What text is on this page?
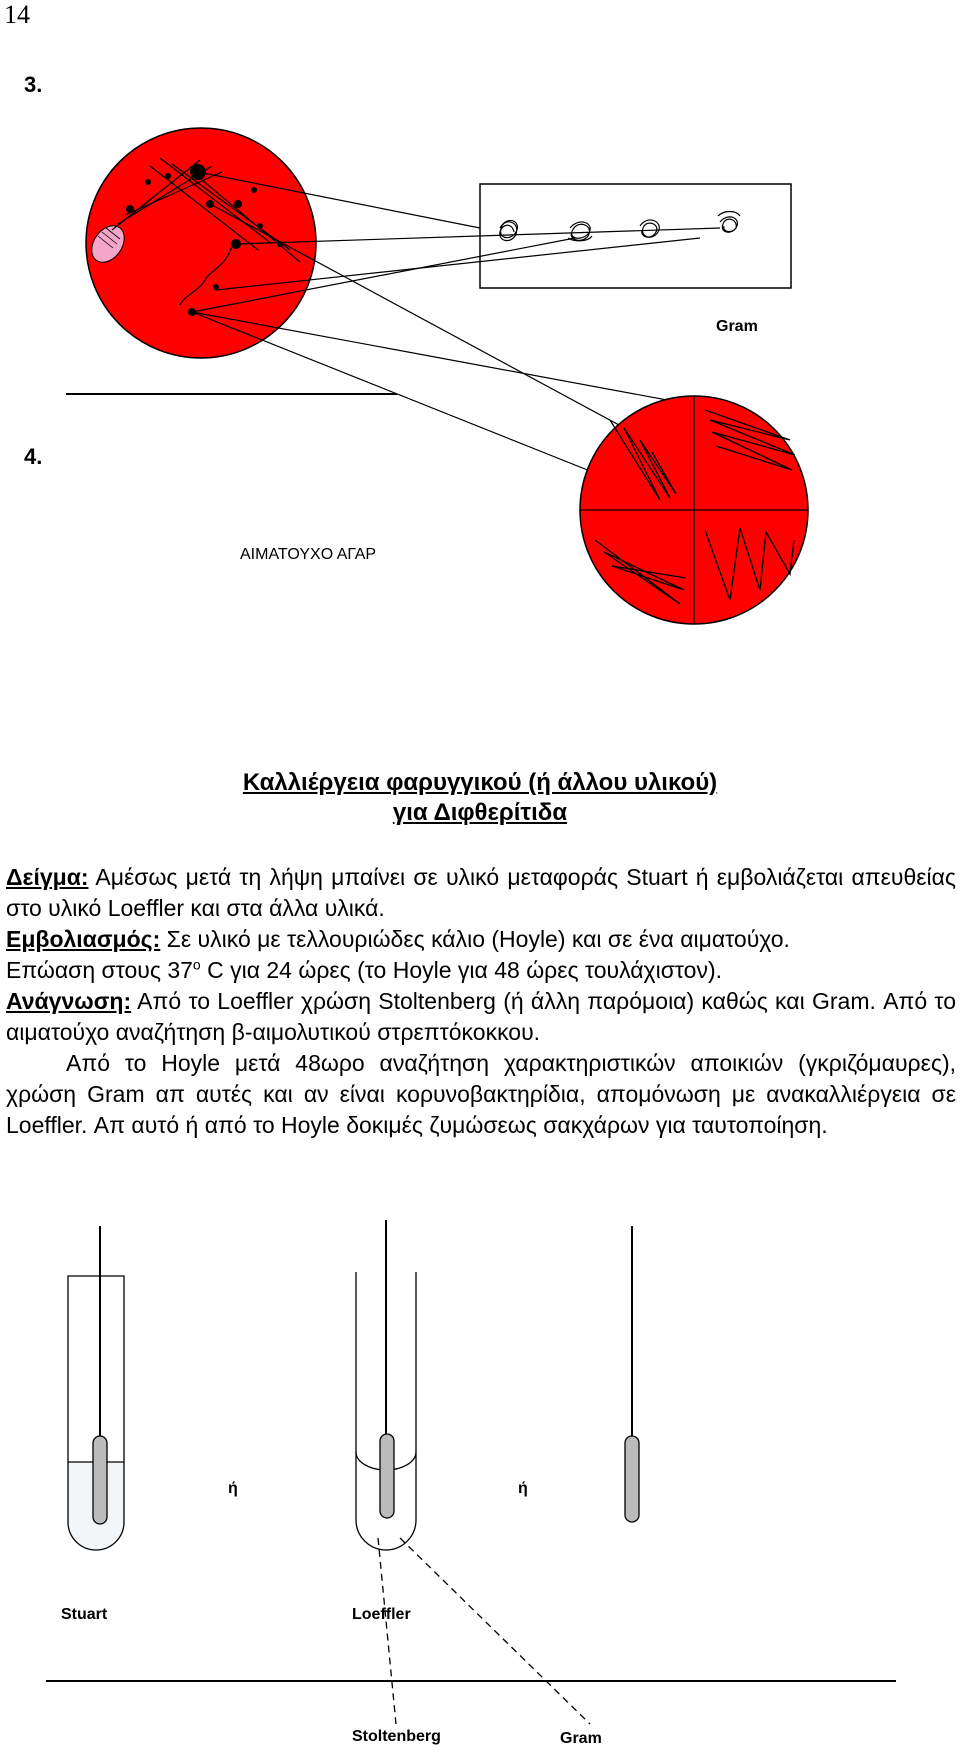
14
3.
4.
Gram
ΑΙΜΑΤΟΥΧΟ ΑΓΑΡ
Καλλιέργεια φαρυγγικού (ή άλλου υλικού)
για Διφθερίτιδα

Δείγμα: Αμέσως μετά τη λήψη μπαίνει σε υλικό μεταφοράς Stuart ή εμβολιάζεται απευθείας στο υλικό Loeffler και στα άλλα υλικά.

Εμβολιασμός: Σε υλικό με τελλουριώδες κάλιο (Hoyle) και σε ένα αιματούχο.

Επώαση στους $37^o$ C για 24 ώρες (το Hoyle για 48 ώρες τουλάχιστον).

Ανάγνωση: Από το Loeffler χρώση Stoltenberg (ή άλλη παρόμοια) καθώς και Gram. Από το αιματούχο αναζήτηση β-αιμολυτικού στρεπτόκοκκου.

Από το Hoyle μετά 48ωρο αναζήτηση χαρακτηριστικών αποικιών (γκριζόμαυρες), χρώση Gram απ αυτές και αν είναι κορυνοβακτηρίδια, απομόνωση με ανακαλλιέργεια σε Loeffler. Απ αυτό ή από το Hoyle δοκιμές ζυμώσεως σακχάρων για ταυτοποίηση.

ή	ή
Stuart	Loeffler
Stoltenberg	Gram
